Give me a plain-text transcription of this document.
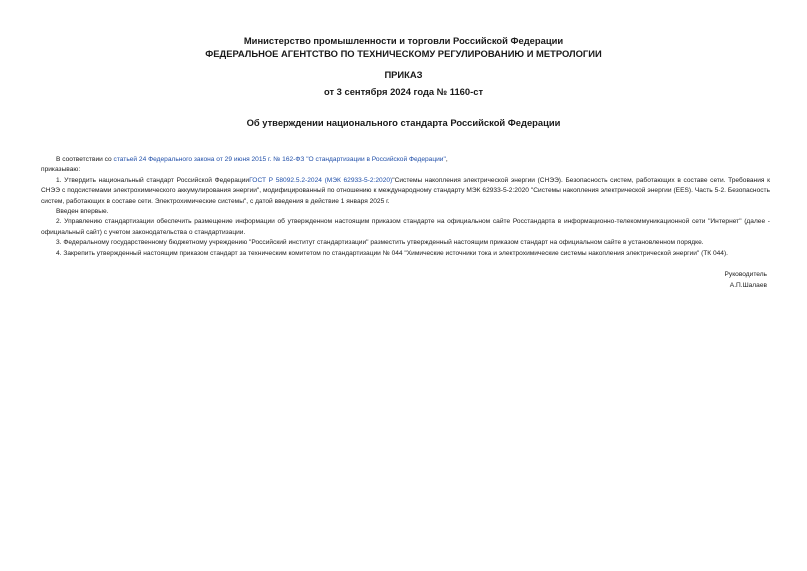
Министерство промышленности и торговли Российской Федерации
ФЕДЕРАЛЬНОЕ АГЕНТСТВО ПО ТЕХНИЧЕСКОМУ РЕГУЛИРОВАНИЮ И МЕТРОЛОГИИ
ПРИКАЗ
от 3 сентября 2024 года № 1160-ст
Об утверждении национального стандарта Российской Федерации

В соответствии со статьей 24 Федерального закона от 29 июня 2015 г. № 162-ФЗ "О стандартизации в Российской Федерации",

приказываю:

1. Утвердить национальный стандарт Российской ФедерацииГОСТ Р 58092.5.2-2024 (МЭК 62933-5-2:2020)"Системы накопления электрической энергии (СНЭЭ). Безопасность систем, работающих в составе сети. Требования к СНЭЭ с подсистемами электрохимического аккумулирования энергии", модифицированный по отношению к международному стандарту МЭК 62933-5-2:2020 "Системы накопления электрической энергии (EES). Часть 5-2. Безопасность систем, работающих в составе сети. Электрохимические системы", с датой введения в действие 1 января 2025 г.

Введен впервые.

2. Управлению стандартизации обеспечить размещение информации об утвержденном настоящим приказом стандарте на официальном сайте Росстандарта в информационно-телекоммуникационной сети "Интернет" (далее - официальный сайт) с учетом законодательства о стандартизации.

3. Федеральному государственному бюджетному учреждению "Российский институт стандартизации" разместить утвержденный настоящим приказом стандарт на официальном сайте в установленном порядке.

4. Закрепить утвержденный настоящим приказом стандарт за техническим комитетом по стандартизации № 044 "Химические источники тока и электрохимические системы накопления электрической энергии" (ТК 044).

Руководитель
А.П.Шалаев
